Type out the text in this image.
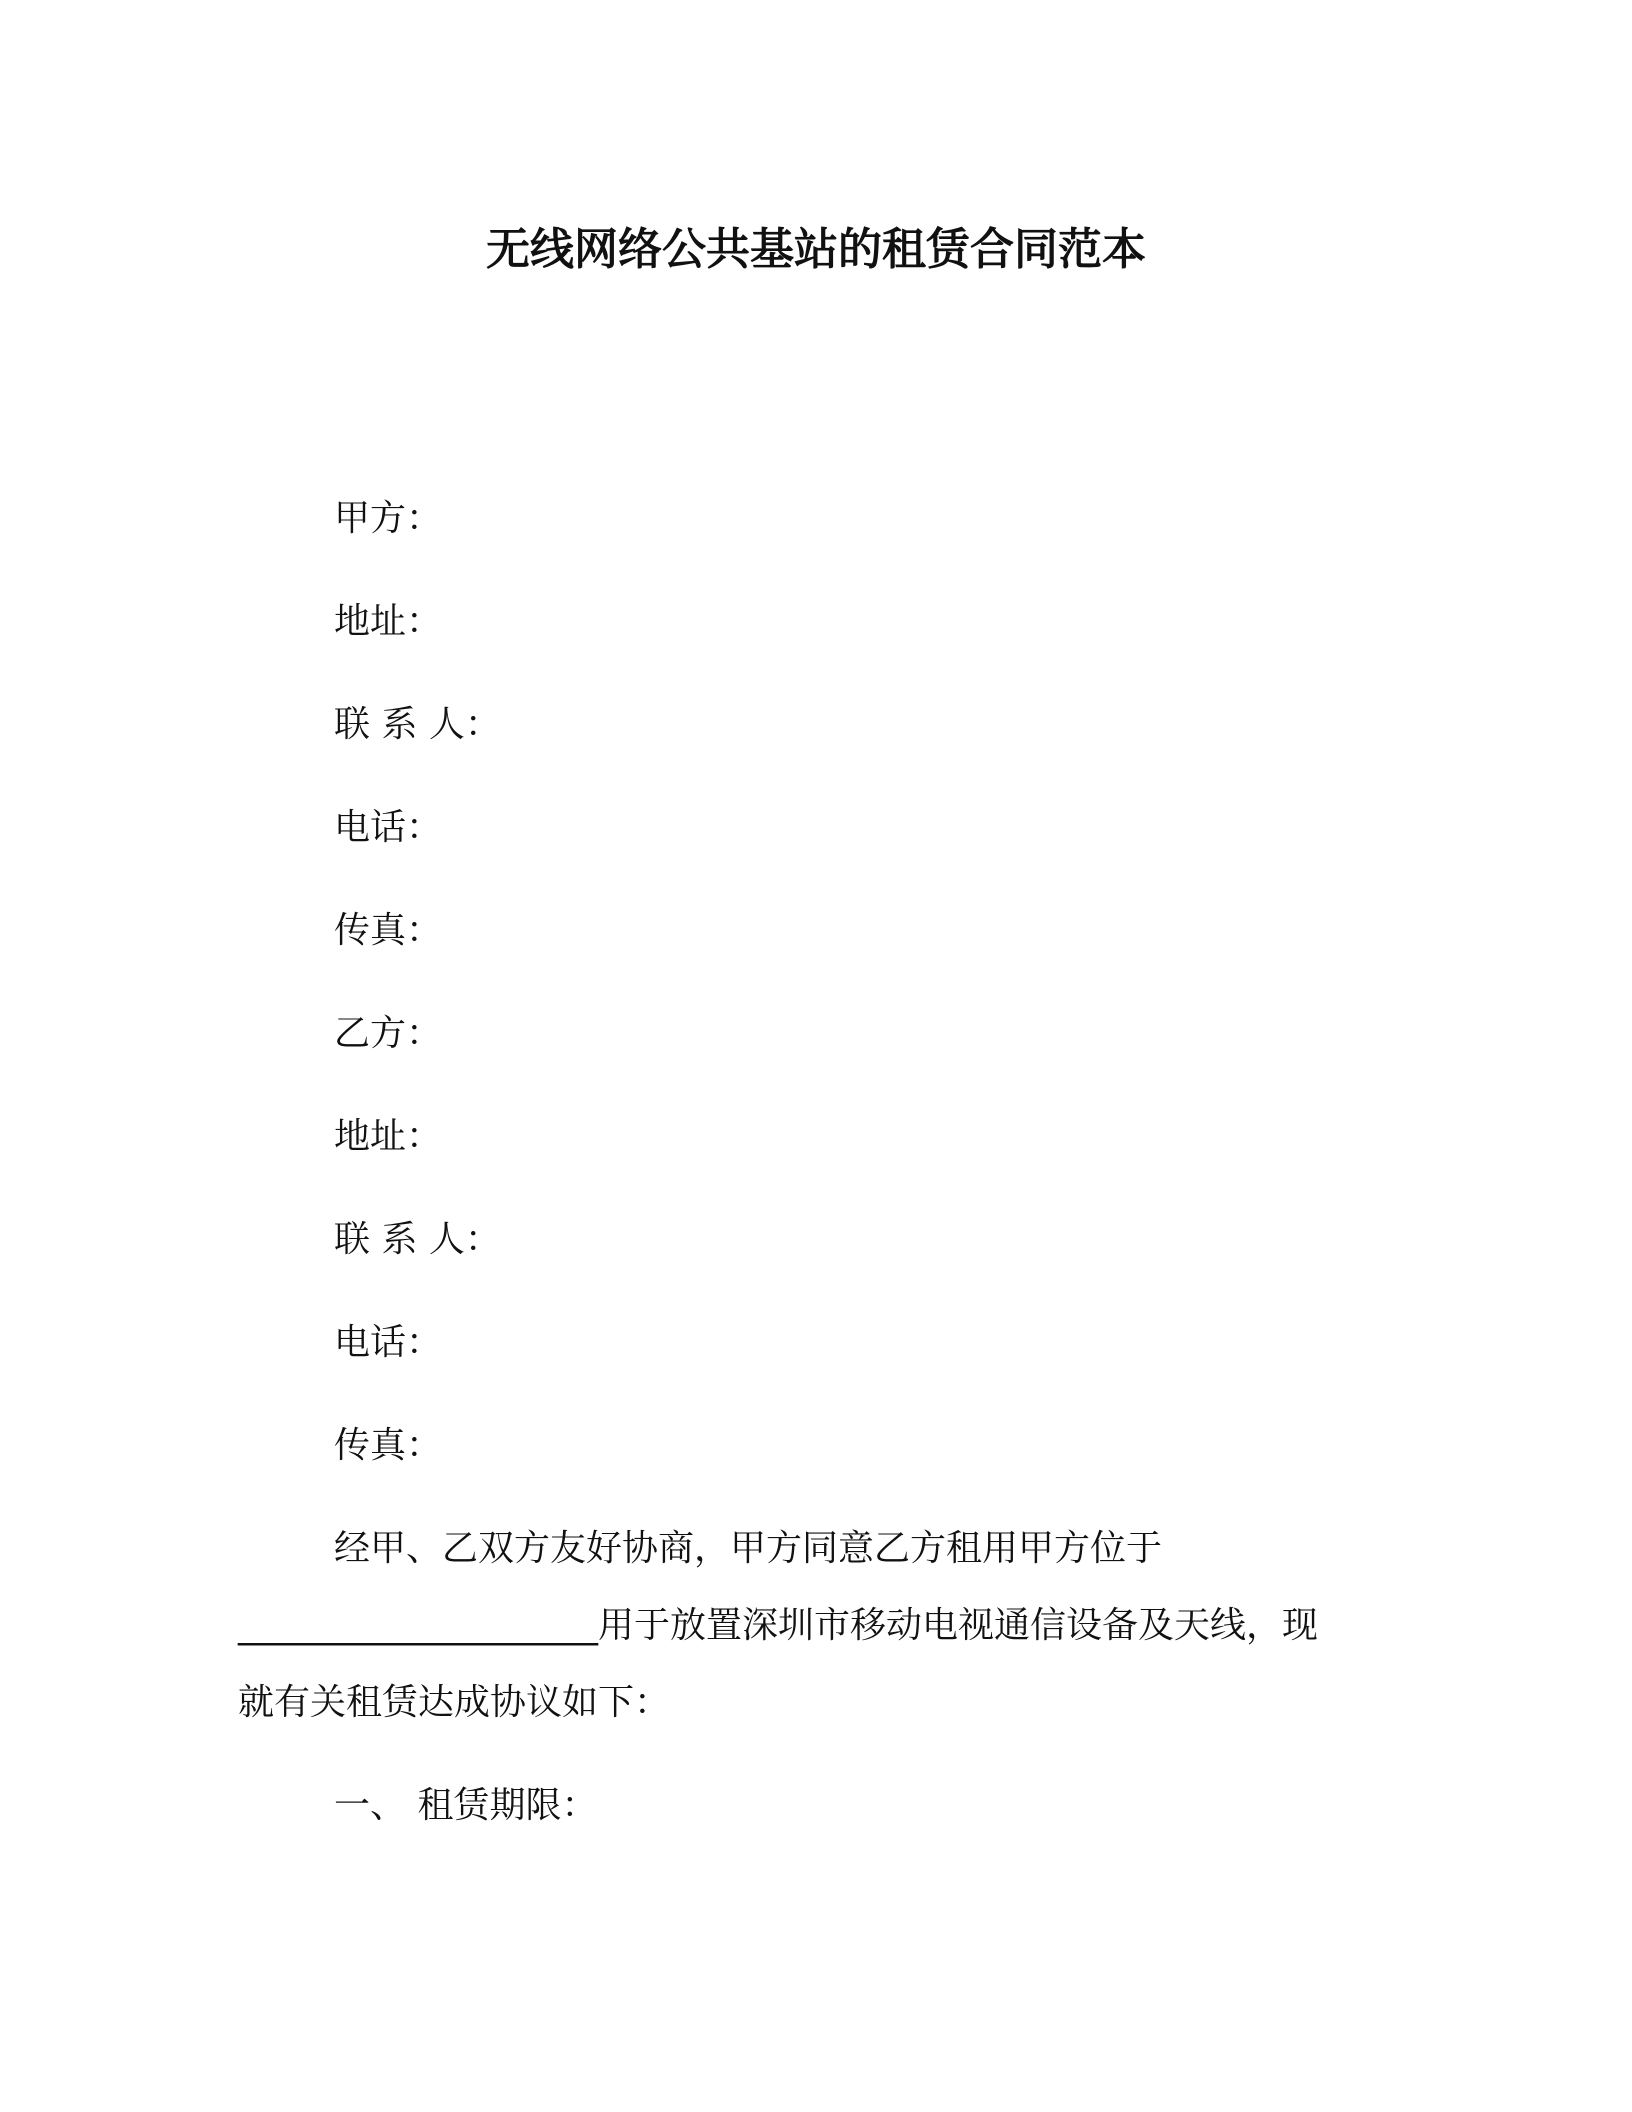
无线网络公共基站的租赁合同范本
甲方：
地址：
联 系 人：
电话：
传真：
乙方：
地址：
联 系 人：
电话：
传真：
经甲、乙双方友好协商，甲方同意乙方租用甲方位于
____________________用于放置深圳市移动电视通信设备及天线，现
就有关租赁达成协议如下：
一、 租赁期限：
